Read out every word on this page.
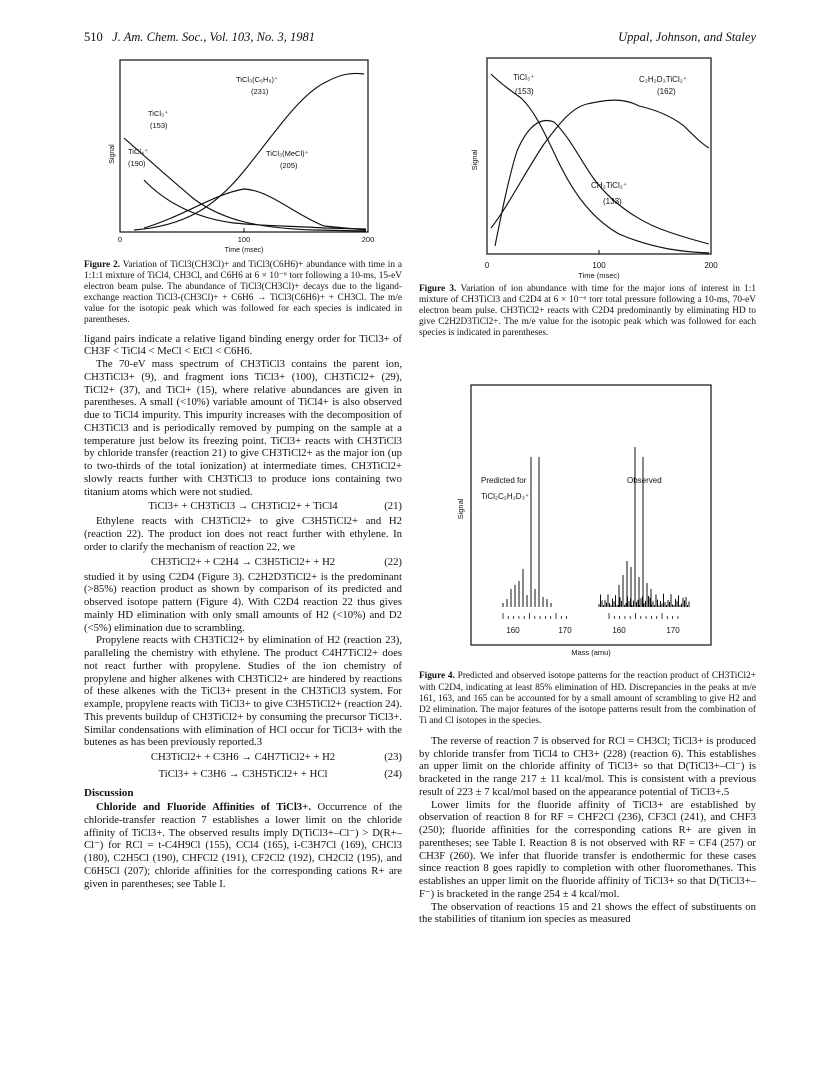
510 J. Am. Chem. Soc., Vol. 103, No. 3, 1981	Uppal, Johnson, and Staley
TiCl₃(C₆H₆)⁺
(231)
TiCl₃⁺
(153)
TiCl₄⁺
(190)
TiCl₃(MeCl)⁺
(205)
0	100	200
Time (msec)
Signal
Figure 2. Variation of TiCl3(CH3Cl)+ and TiCl3(C6H6)+ abundance with time in a 1:1:1 mixture of TiCl4, CH3Cl, and C6H6 at 6 × 10⁻⁶ torr following a 10-ms, 15-eV electron beam pulse. The abundance of TiCl3(CH3Cl)+ decays due to the ligand-exchange reaction TiCl3-(CH3Cl)+ + C6H6 → TiCl3(C6H6)+ + CH3Cl. The m/e value for the isotopic peak which was followed for each species is indicated in parentheses.

ligand pairs indicate a relative ligand binding energy order for TiCl3+ of CH3F < TiCl4 < MeCl < EtCl < C6H6.

The 70-eV mass spectrum of CH3TiCl3 contains the parent ion, CH3TiCl3+ (9), and fragment ions TiCl3+ (100), CH3TiCl2+ (29), TiCl2+ (37), and TiCl+ (15), where relative abundances are given in parentheses. A small (<10%) variable amount of TiCl4+ is also observed due to TiCl4 impurity. This impurity increases with the decomposition of CH3TiCl3 and is periodically removed by pumping on the sample at a temperature just below its freezing point. TiCl3+ reacts with CH3TiCl3 by chloride transfer (reaction 21) to give CH3TiCl2+ as the major ion (up to two-thirds of the total ionization) at intermediate times. CH3TiCl2+ slowly reacts further with CH3TiCl3 to produce ions containing two titanium atoms which were not studied.

TiCl3+ + CH3TiCl3 → CH3TiCl2+ + TiCl4	(21)

Ethylene reacts with CH3TiCl2+ to give C3H5TiCl2+ and H2 (reaction 22). The product ion does not react further with ethylene. In order to clarify the mechanism of reaction 22, we

CH3TiCl2+ + C2H4 → C3H5TiCl2+ + H2	(22)

studied it by using C2D4 (Figure 3). C2H2D3TiCl2+ is the predominant (>85%) reaction product as shown by comparison of its predicted and observed isotope pattern (Figure 4). With C2D4 reaction 22 thus gives mainly HD elimination with only small amounts of H2 (<10%) and D2 (<5%) elimination due to scrambling.

Propylene reacts with CH3TiCl2+ by elimination of H2 (reaction 23), paralleling the chemistry with ethylene. The product C4H7TiCl2+ does not react further with propylene. Studies of the ion chemistry of propylene and higher alkenes with CH3TiCl2+ are hindered by reactions of these alkenes with the TiCl3+ present in the CH3TiCl3 system. For example, propylene reacts with TiCl3+ to give C3H5TiCl2+ (reaction 24). This prevents buildup of CH3TiCl2+ by consuming the precursor TiCl3+. Similar condensations with elimination of HCl occur for TiCl3+ with the butenes as has been previously reported.3

CH3TiCl2+ + C3H6 → C4H7TiCl2+ + H2	(23)
TiCl3+ + C3H6 → C3H5TiCl2+ + HCl	(24)
Discussion

Chloride and Fluoride Affinities of TiCl3+. Occurrence of the chloride-transfer reaction 7 establishes a lower limit on the chloride affinity of TiCl3+. The observed results imply D(TiCl3+–Cl⁻) > D(R+–Cl⁻) for RCl = t-C4H9Cl (155), CCl4 (165), i-C3H7Cl (169), CHCl3 (180), C2H5Cl (190), CHFCl2 (191), CF2Cl2 (192), CH2Cl2 (195), and C6H5Cl (207); chloride affinities for the corresponding cations R+ are given in parentheses; see Table I.

TiCl₃⁺
(153)
C₂H₂D₃TiCl₂⁺
(162)
CH₃TiCl₂⁺
(133)
0	100	200
Time (msec)
Signal
Figure 3. Variation of ion abundance with time for the major ions of interest in 1:1 mixture of CH3TiCl3 and C2D4 at 6 × 10⁻⁶ torr total pressure following a 10-ms, 70-eV electron beam pulse. CH3TiCl2+ reacts with C2D4 predominantly by eliminating HD to give C2H2D3TiCl2+. The m/e value for the isotopic peak which was followed for each species is indicated in parentheses.
Predicted for
TiCl₂C₂H₂D₃⁺
Observed
160	170	160	170
Mass (amu)
Signal
Figure 4. Predicted and observed isotope patterns for the reaction product of CH3TiCl2+ with C2D4, indicating at least 85% elimination of HD. Discrepancies in the peaks at m/e 161, 163, and 165 can be accounted for by a small amount of scrambling to give H2 and D2 elimination. The major features of the isotope patterns result from the combination of Ti and Cl isotopes in the species.

The reverse of reaction 7 is observed for RCl = CH3Cl; TiCl3+ is produced by chloride transfer from TiCl4 to CH3+ (228) (reaction 6). This establishes an upper limit on the chloride affinity of TiCl3+ so that D(TiCl3+–Cl⁻) is bracketed in the range 217 ± 11 kcal/mol. This is consistent with a previous result of 223 ± 7 kcal/mol based on the appearance potential of TiCl3+.5

Lower limits for the fluoride affinity of TiCl3+ are established by observation of reaction 8 for RF = CHF2Cl (236), CF3Cl (241), and CHF3 (250); fluoride affinities for the corresponding cations R+ are given in parentheses; see Table I. Reaction 8 is not observed with RF = CF4 (257) or CH3F (260). We infer that fluoride transfer is endothermic for these cases since reaction 8 goes rapidly to completion with other fluoromethanes. This establishes an upper limit on the fluoride affinity of TiCl3+ so that D(TiCl3+–F⁻) is bracketed in the range 254 ± 4 kcal/mol.

The observation of reactions 15 and 21 shows the effect of substituents on the stabilities of titanium ion species as measured
